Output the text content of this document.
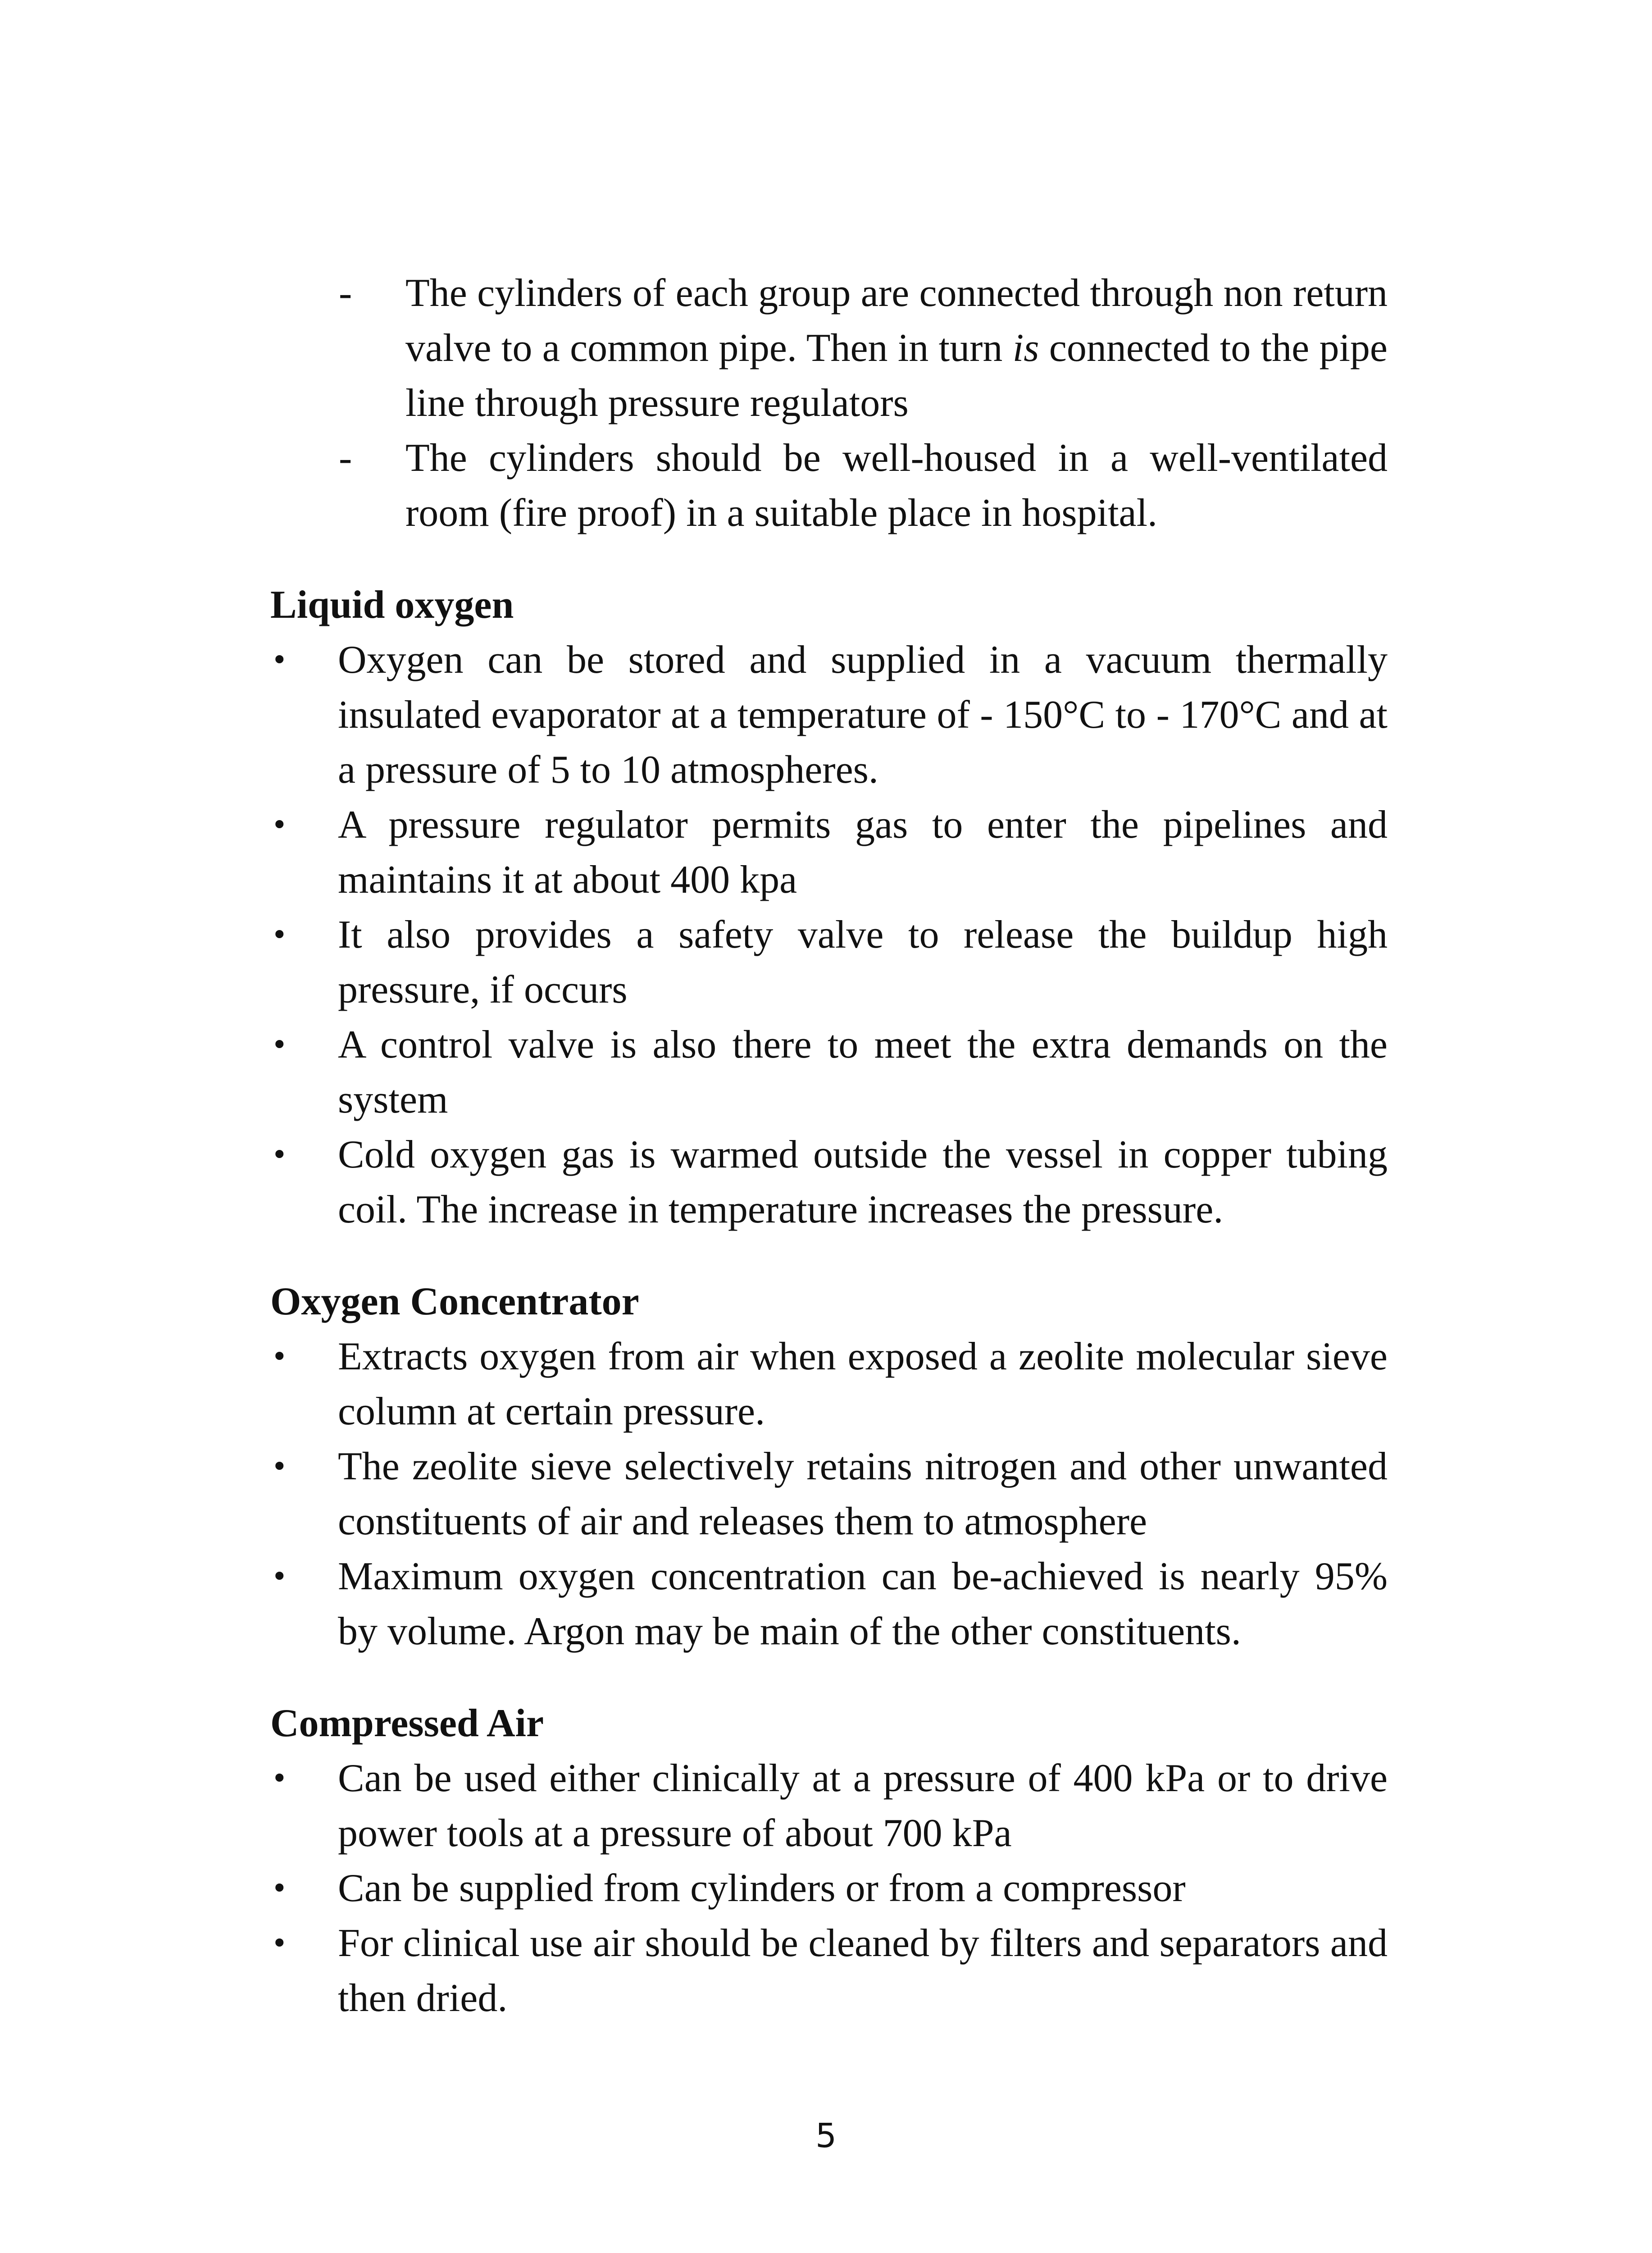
- The cylinders of each group are connected through non return valve to a common pipe. Then in turn is connected to the pipe line through pressure regulators
- The cylinders should be well-housed in a well-ventilated room (fire proof) in a suitable place in hospital.
Liquid oxygen
• Oxygen can be stored and supplied in a vacuum thermally insulated evaporator at a temperature of - 150°C to - 170°C and at a pressure of 5 to 10 atmospheres.
• A pressure regulator permits gas to enter the pipelines and maintains it at about 400 kpa
• It also provides a safety valve to release the buildup high pressure, if occurs
• A control valve is also there to meet the extra demands on the system
• Cold oxygen gas is warmed outside the vessel in copper tubing coil. The increase in temperature increases the pressure.
Oxygen Concentrator
• Extracts oxygen from air when exposed a zeolite molecular sieve column at certain pressure.
• The zeolite sieve selectively retains nitrogen and other unwanted constituents of air and releases them to atmosphere
• Maximum oxygen concentration can be-achieved is nearly 95% by volume. Argon may be main of the other constituents.
Compressed Air
• Can be used either clinically at a pressure of 400 kPa or to drive power tools at a pressure of about 700 kPa
• Can be supplied from cylinders or from a compressor
• For clinical use air should be cleaned by filters and separators and then dried.
5
